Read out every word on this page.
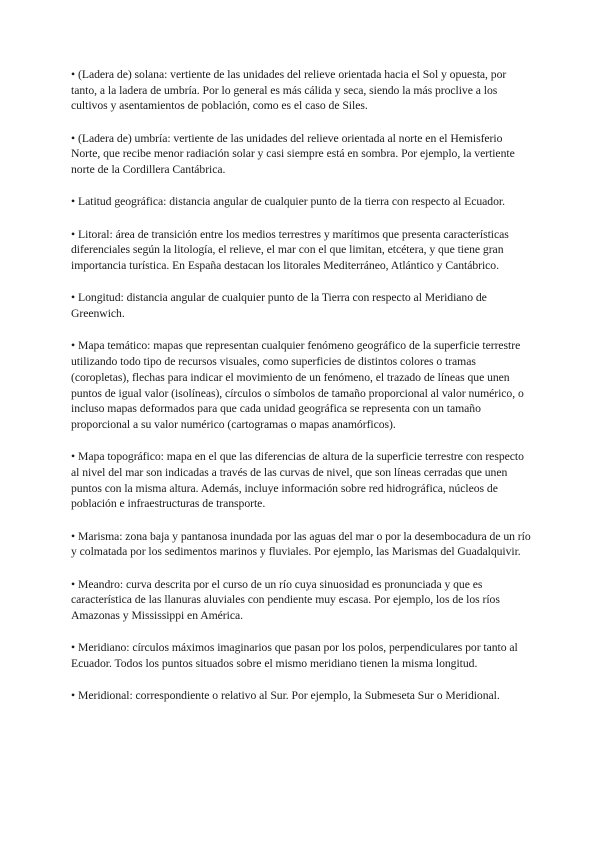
• (Ladera de) solana: vertiente de las unidades del relieve orientada hacia el Sol y opuesta, por tanto, a la ladera de umbría. Por lo general es más cálida y seca, siendo la más proclive a los cultivos y asentamientos de población, como es el caso de Siles.

• (Ladera de) umbría: vertiente de las unidades del relieve orientada al norte en el Hemisferio Norte, que recibe menor radiación solar y casi siempre está en sombra. Por ejemplo, la vertiente norte de la Cordillera Cantábrica.

• Latitud geográfica: distancia angular de cualquier punto de la tierra con respecto al Ecuador.

• Litoral: área de transición entre los medios terrestres y marítimos que presenta características diferenciales según la litología, el relieve, el mar con el que limitan, etcétera, y que tiene gran importancia turística. En España destacan los litorales Mediterráneo, Atlántico y Cantábrico.

• Longitud: distancia angular de cualquier punto de la Tierra con respecto al Meridiano de Greenwich.

• Mapa temático: mapas que representan cualquier fenómeno geográfico de la superficie terrestre utilizando todo tipo de recursos visuales, como superficies de distintos colores o tramas (coropletas), flechas para indicar el movimiento de un fenómeno, el trazado de líneas que unen puntos de igual valor (isolíneas), círculos o símbolos de tamaño proporcional al valor numérico, o incluso mapas deformados para que cada unidad geográfica se representa con un tamaño proporcional a su valor numérico (cartogramas o mapas anamórficos).

• Mapa topográfico: mapa en el que las diferencias de altura de la superficie terrestre con respecto al nivel del mar son indicadas a través de las curvas de nivel, que son líneas cerradas que unen puntos con la misma altura. Además, incluye información sobre red hidrográfica, núcleos de población e infraestructuras de transporte.

• Marisma: zona baja y pantanosa inundada por las aguas del mar o por la desembocadura de un río y colmatada por los sedimentos marinos y fluviales. Por ejemplo, las Marismas del Guadalquivir.

• Meandro: curva descrita por el curso de un río cuya sinuosidad es pronunciada y que es característica de las llanuras aluviales con pendiente muy escasa. Por ejemplo, los de los ríos Amazonas y Mississippi en América.

• Meridiano: círculos máximos imaginarios que pasan por los polos, perpendiculares por tanto al Ecuador. Todos los puntos situados sobre el mismo meridiano tienen la misma longitud.

• Meridional: correspondiente o relativo al Sur. Por ejemplo, la Submeseta Sur o Meridional.
